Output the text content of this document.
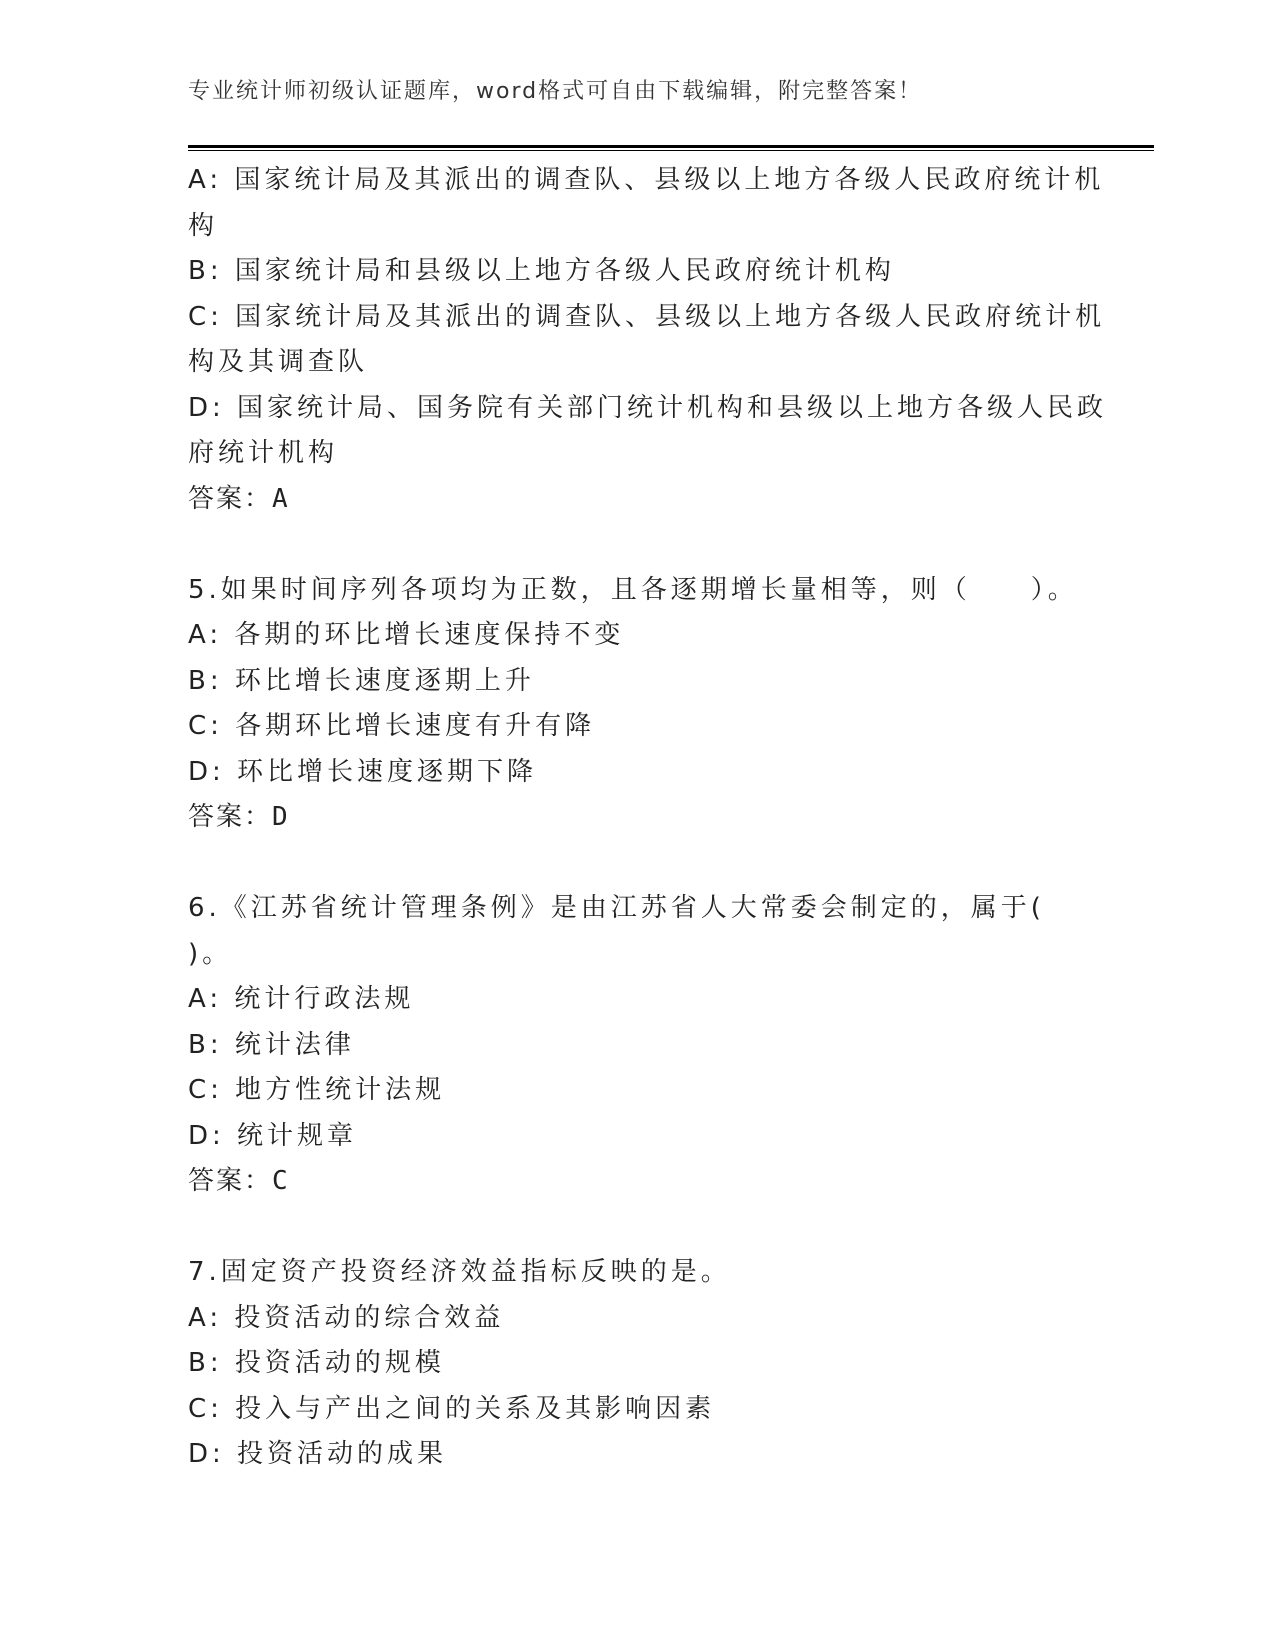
专业统计师初级认证题库，word格式可自由下载编辑，附完整答案！
A: 国家统计局及其派出的调查队、县级以上地方各级人民政府统计机
构
B: 国家统计局和县级以上地方各级人民政府统计机构
C: 国家统计局及其派出的调查队、县级以上地方各级人民政府统计机
构及其调查队
D: 国家统计局、国务院有关部门统计机构和县级以上地方各级人民政
府统计机构
答案：A
5.如果时间序列各项均为正数，且各逐期增长量相等，则（　　）。
A: 各期的环比增长速度保持不变
B: 环比增长速度逐期上升
C: 各期环比增长速度有升有降
D: 环比增长速度逐期下降
答案：D
6.《江苏省统计管理条例》是由江苏省人大常委会制定的，属于(
)。
A: 统计行政法规
B: 统计法律
C: 地方性统计法规
D: 统计规章
答案：C
7.固定资产投资经济效益指标反映的是。
A: 投资活动的综合效益
B: 投资活动的规模
C: 投入与产出之间的关系及其影响因素
D: 投资活动的成果
